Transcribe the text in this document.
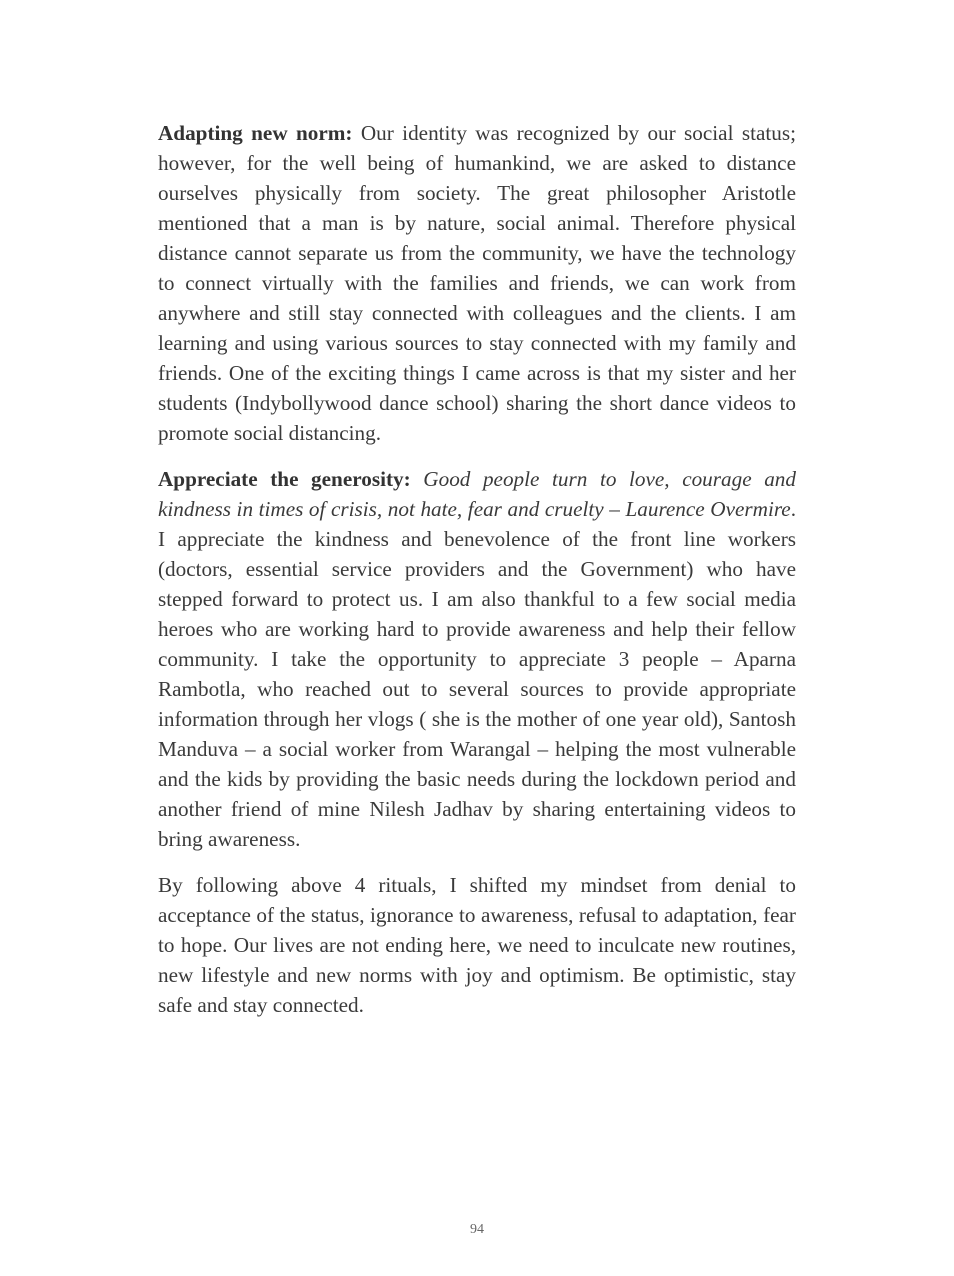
Adapting new norm: Our identity was recognized by our social status; however, for the well being of humankind, we are asked to distance ourselves physically from society. The great philosopher Aristotle mentioned that a man is by nature, social animal. Therefore physical distance cannot separate us from the community, we have the technology to connect virtually with the families and friends, we can work from anywhere and still stay connected with colleagues and the clients. I am learning and using various sources to stay connected with my family and friends. One of the exciting things I came across is that my sister and her students (Indybollywood dance school) sharing the short dance videos to promote social distancing.

Appreciate the generosity: Good people turn to love, courage and kindness in times of crisis, not hate, fear and cruelty – Laurence Overmire. I appreciate the kindness and benevolence of the front line workers (doctors, essential service providers and the Government) who have stepped forward to protect us. I am also thankful to a few social media heroes who are working hard to provide awareness and help their fellow community. I take the opportunity to appreciate 3 people – Aparna Rambotla, who reached out to several sources to provide appropriate information through her vlogs ( she is the mother of one year old), Santosh Manduva – a social worker from Warangal – helping the most vulnerable and the kids by providing the basic needs during the lockdown period and another friend of mine Nilesh Jadhav by sharing entertaining videos to bring awareness.

By following above 4 rituals, I shifted my mindset from denial to acceptance of the status, ignorance to awareness, refusal to adaptation, fear to hope. Our lives are not ending here, we need to inculcate new routines, new lifestyle and new norms with joy and optimism. Be optimistic, stay safe and stay connected.

94
